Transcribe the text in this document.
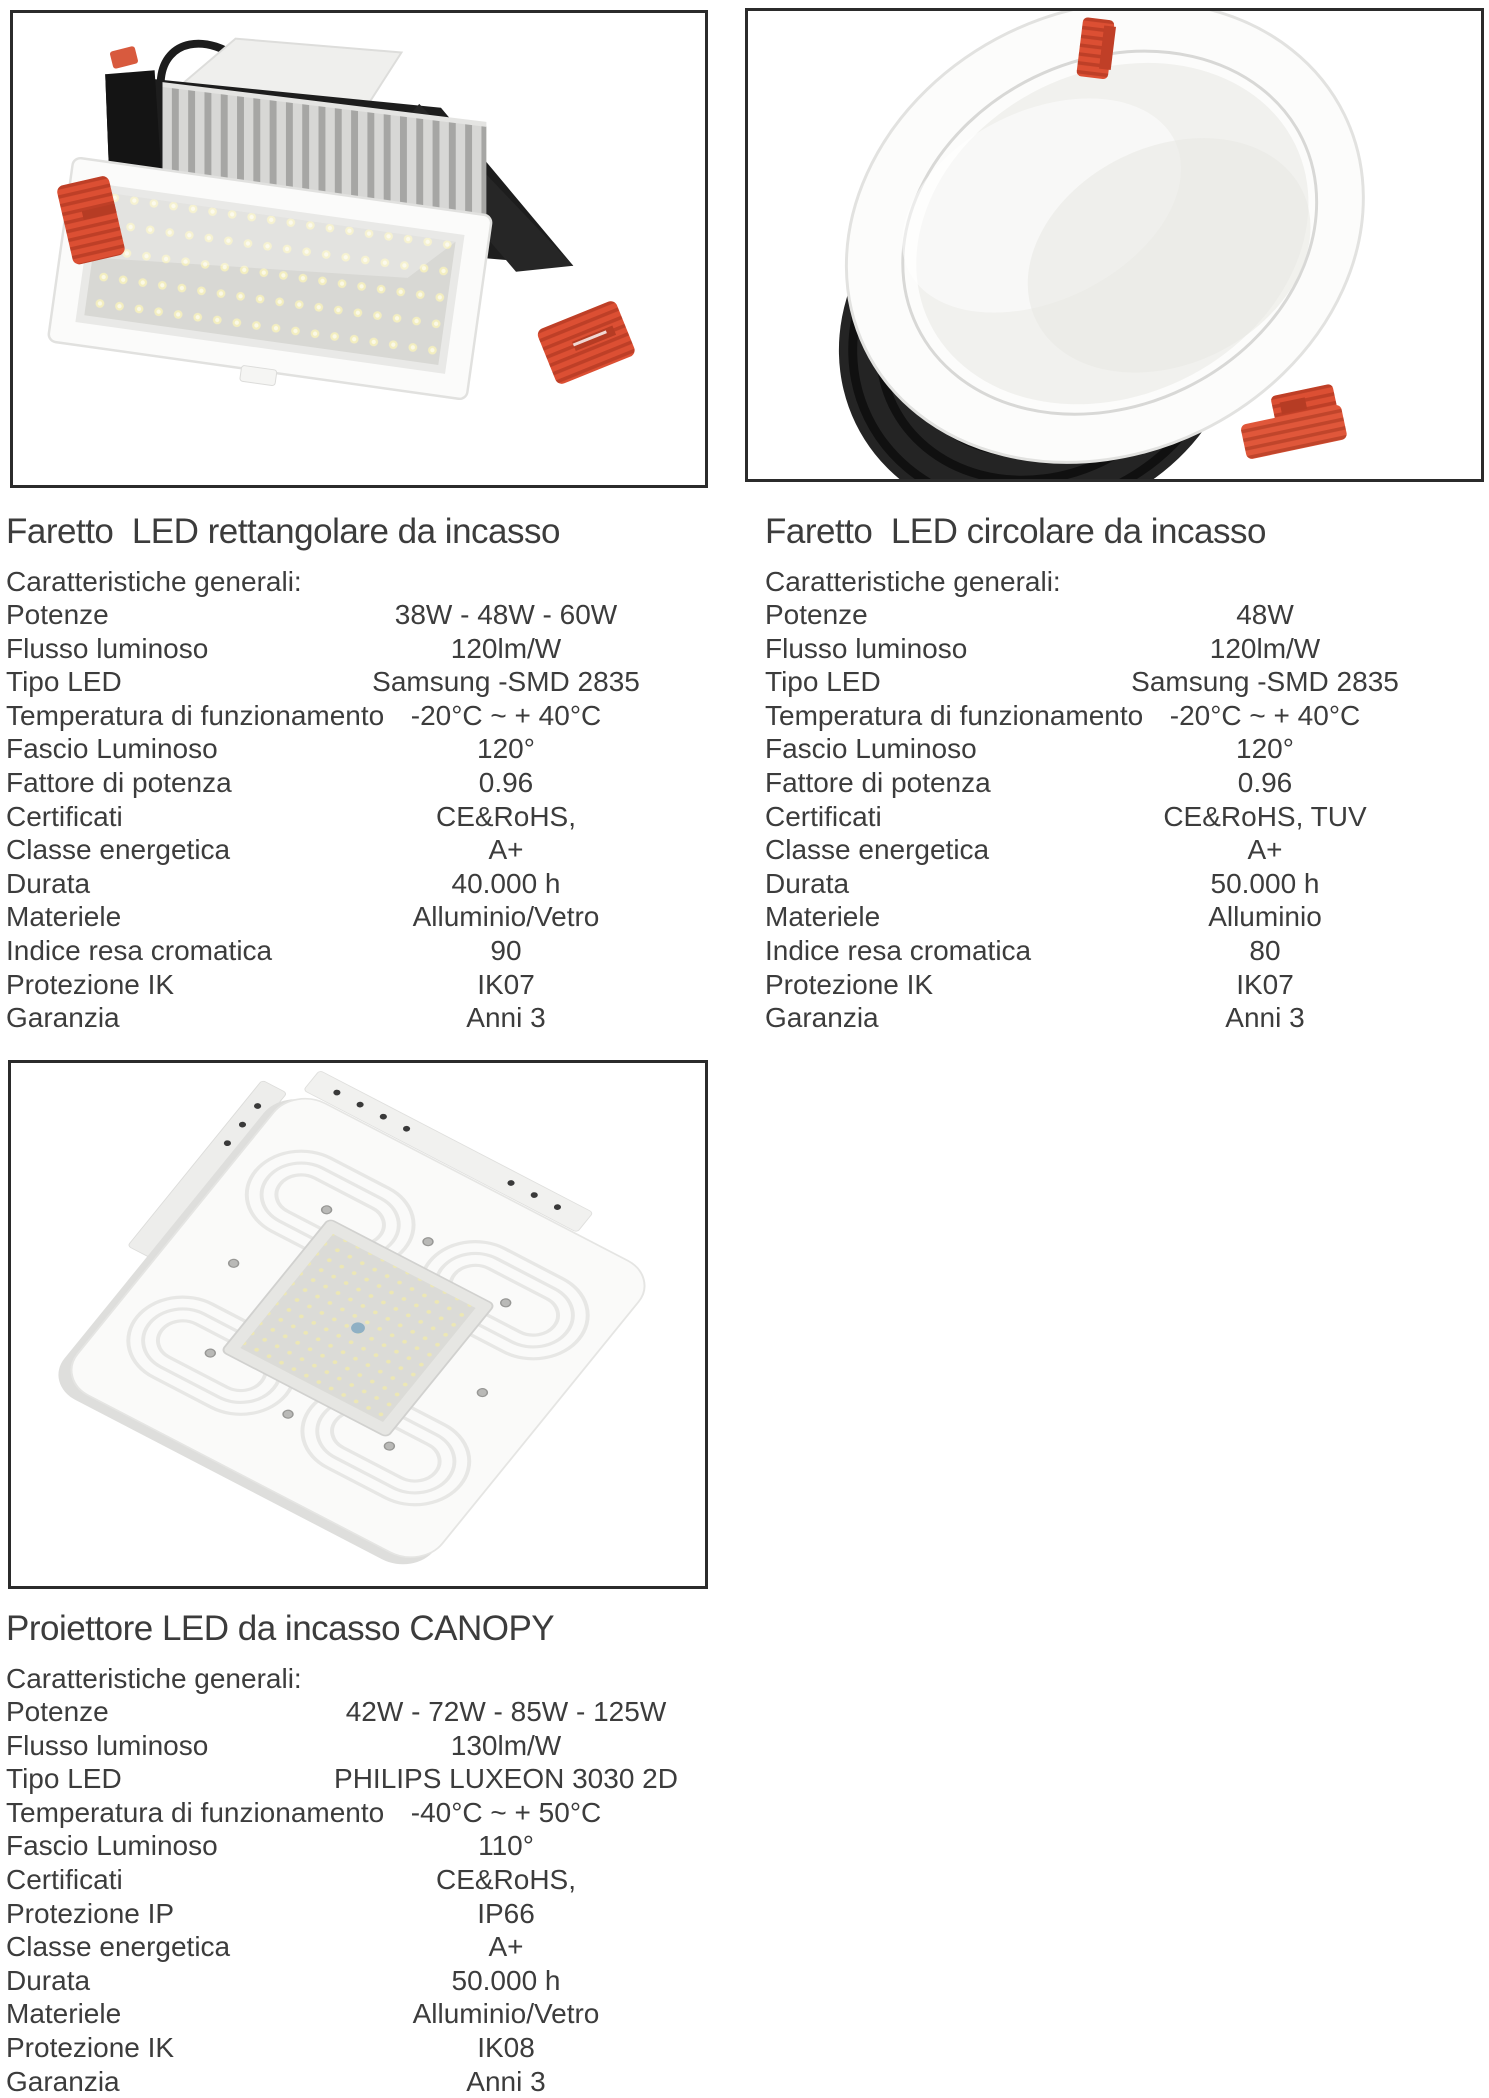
Faretto  LED rettangolare da incasso
Caratteristiche generali:
Potenze	38W - 48W - 60W
Flusso luminoso	120lm/W
Tipo LED	Samsung -SMD 2835
Temperatura di funzionamento -20°C ~ + 40°C
Fascio Luminoso	120°
Fattore di potenza	0.96
Certificati	CE&RoHS,
Classe energetica	A+
Durata	40.000 h
Materiele	Alluminio/Vetro
Indice resa cromatica	90
Protezione IK	IK07
Garanzia	Anni 3
Faretto  LED circolare da incasso
Caratteristiche generali:
Potenze	48W
Flusso luminoso	120lm/W
Tipo LED	Samsung -SMD 2835
Temperatura di funzionamento -20°C ~ + 40°C
Fascio Luminoso	120°
Fattore di potenza	0.96
Certificati	CE&RoHS, TUV
Classe energetica	A+
Durata	50.000 h
Materiele	Alluminio
Indice resa cromatica	80
Protezione IK	IK07
Garanzia	Anni 3
Proiettore LED da incasso CANOPY
Caratteristiche generali:
Potenze	42W - 72W - 85W - 125W
Flusso luminoso	130lm/W
Tipo LED	PHILIPS LUXEON 3030 2D
Temperatura di funzionamento -40°C ~ + 50°C
Fascio Luminoso	110°
Certificati	CE&RoHS,
Protezione IP	IP66
Classe energetica	A+
Durata	50.000 h
Materiele	Alluminio/Vetro
Protezione IK	IK08
Garanzia	Anni 3
